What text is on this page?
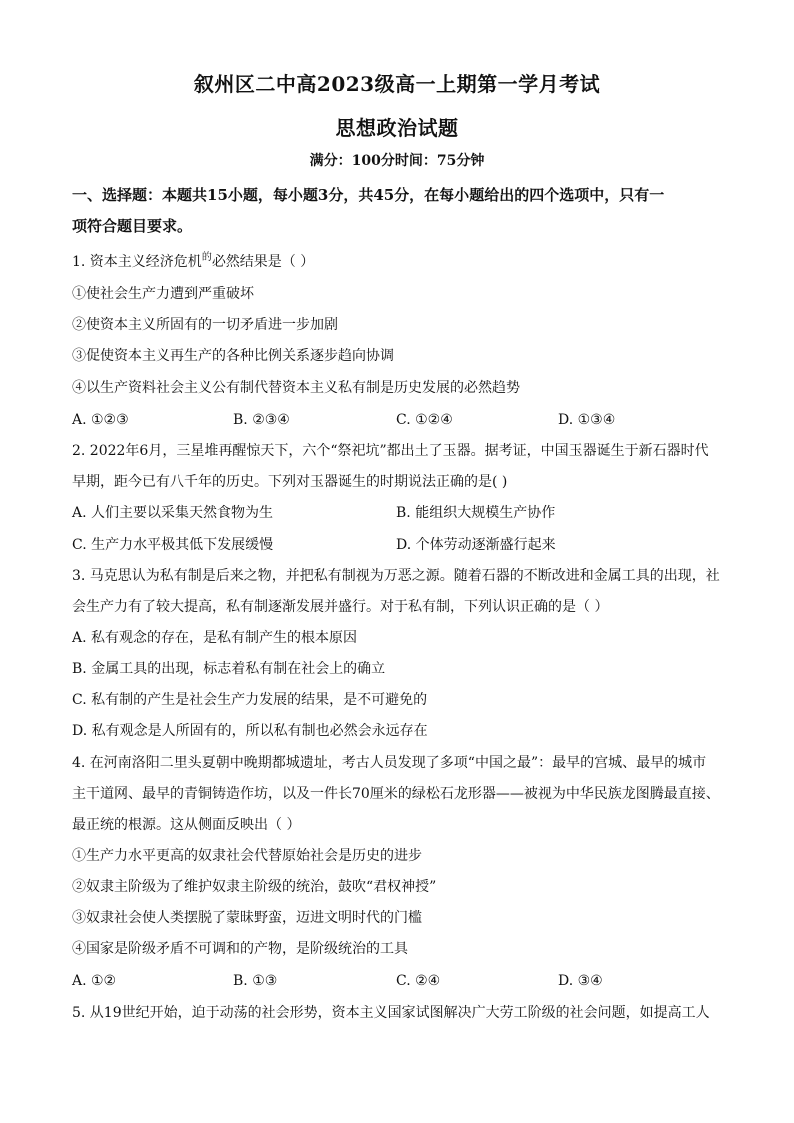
叙州区二中高2023级高一上期第一学月考试
思想政治试题
满分：100分时间：75分钟
一、选择题：本题共15小题，每小题3分，共45分，在每小题给出的四个选项中，只有一
项符合题目要求。
1. 资本主义经济危机$^的$必然结果是（ ）
①使社会生产力遭到严重破坏
②使资本主义所固有的一切矛盾进一步加剧
③促使资本主义再生产的各种比例关系逐步趋向协调
④以生产资料社会主义公有制代替资本主义私有制是历史发展的必然趋势
A. ①②③	B. ②③④	C. ①②④	D. ①③④
2. 2022年6月，三星堆再醒惊天下，六个“祭祀坑”都出土了玉器。据考证，中国玉器诞生于新石器时代
早期，距今已有八千年的历史。下列对玉器诞生的时期说法正确的是( )
A. 人们主要以采集天然食物为生	B. 能组织大规模生产协作
C. 生产力水平极其低下发展缓慢	D. 个体劳动逐渐盛行起来
3. 马克思认为私有制是后来之物，并把私有制视为万恶之源。随着石器的不断改进和金属工具的出现，社
会生产力有了较大提高，私有制逐渐发展并盛行。对于私有制，下列认识正确的是（ ）
A. 私有观念的存在，是私有制产生的根本原因
B. 金属工具的出现，标志着私有制在社会上的确立
C. 私有制的产生是社会生产力发展的结果，是不可避免的
D. 私有观念是人所固有的，所以私有制也必然会永远存在
4. 在河南洛阳二里头夏朝中晚期都城遗址，考古人员发现了多项“中国之最”：最早的宫城、最早的城市
主干道网、最早的青铜铸造作坊，以及一件长70厘米的绿松石龙形器——被视为中华民族龙图腾最直接、
最正统的根源。这从侧面反映出（ ）
①生产力水平更高的奴隶社会代替原始社会是历史的进步
②奴隶主阶级为了维护奴隶主阶级的统治，鼓吹“君权神授”
③奴隶社会使人类摆脱了蒙昧野蛮，迈进文明时代的门槛
④国家是阶级矛盾不可调和的产物，是阶级统治的工具
A. ①②	B. ①③	C. ②④	D. ③④
5. 从19世纪开始，迫于动荡的社会形势，资本主义国家试图解决广大劳工阶级的社会问题，如提高工人
